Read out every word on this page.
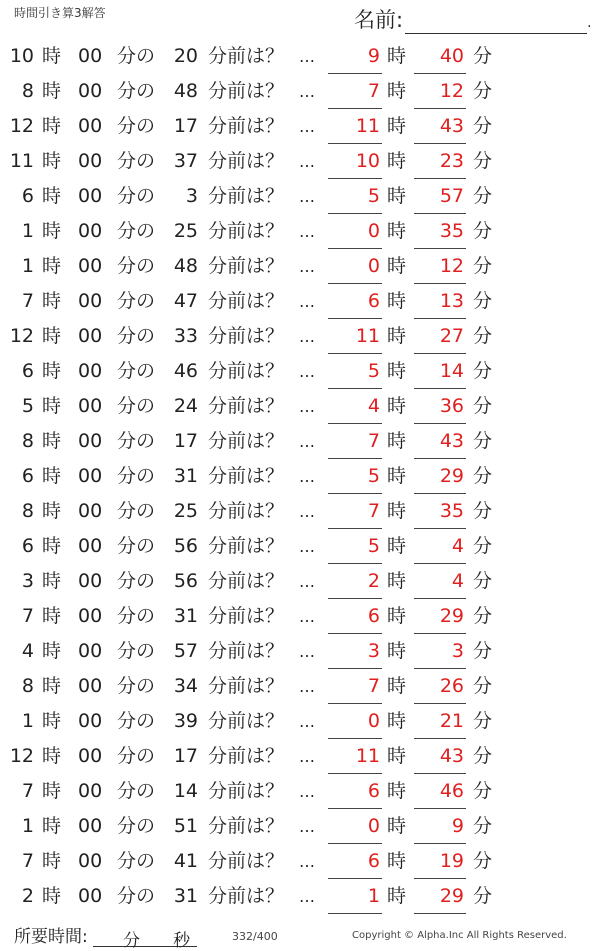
時間引き算3解答	名前:	.
10 時 00 分の 20 分前は？ …	9 時	40 分
8 時 00 分の 48 分前は？ …	7 時	12 分
12 時 00 分の 17 分前は？ …	11 時	43 分
11 時 00 分の 37 分前は？ …	10 時	23 分
6 時 00 分の	3 分前は？ …	5 時	57 分
1 時 00 分の 25 分前は？ …	0 時	35 分
1 時 00 分の 48 分前は？ …	0 時	12 分
7 時 00 分の 47 分前は？ …	6 時	13 分
12 時 00 分の 33 分前は？ …	11 時	27 分
6 時 00 分の 46 分前は？ …	5 時	14 分
5 時 00 分の 24 分前は？ …	4 時	36 分
8 時 00 分の 17 分前は？ …	7 時	43 分
6 時 00 分の 31 分前は？ …	5 時	29 分
8 時 00 分の 25 分前は？ …	7 時	35 分
6 時 00 分の 56 分前は？ …	5 時	4 分
3 時 00 分の 56 分前は？ …	2 時	4 分
7 時 00 分の 31 分前は？ …	6 時	29 分
4 時 00 分の 57 分前は？ …	3 時	3 分
8 時 00 分の 34 分前は？ …	7 時	26 分
1 時 00 分の 39 分前は？ …	0 時	21 分
12 時 00 分の 17 分前は？ …	11 時	43 分
7 時 00 分の 14 分前は？ …	6 時	46 分
1 時 00 分の 51 分前は？ …	0 時	9 分
7 時 00 分の 41 分前は？ …	6 時	19 分
2 時 00 分の 31 分前は？ …	1 時	29 分
所要時間: 分 秒	332/400	Copyright © Alpha.Inc All Rights Reserved.
